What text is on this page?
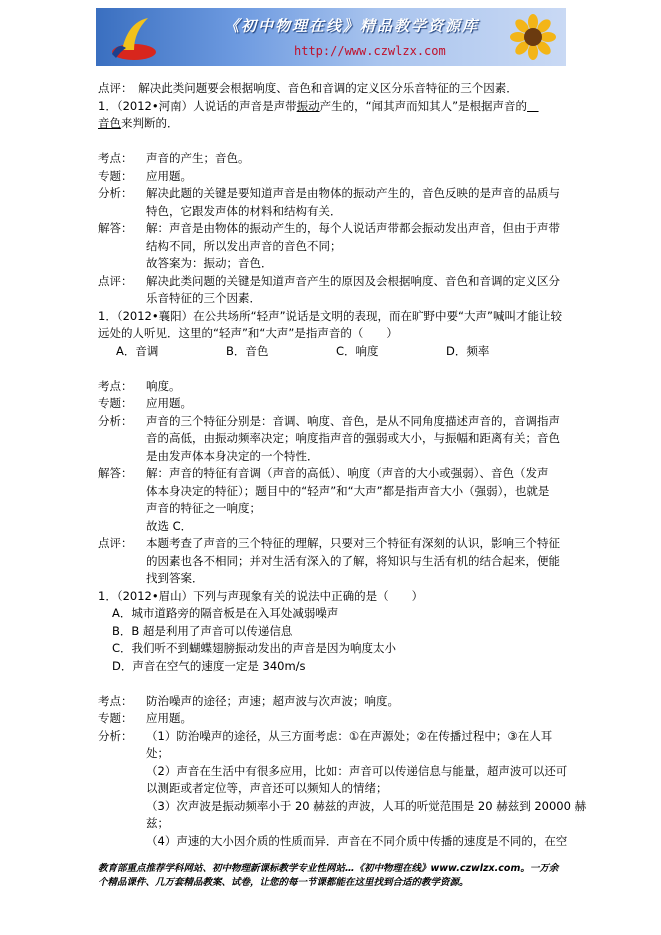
《初中物理在线》精品教学资源库
http://www.czwlzx.com
点评：　解决此类问题要会根据响度、音色和音调的定义区分乐音特征的三个因素．
1．（2012•河南）人说话的声音是声带振动产生的，“闻其声而知其人”是根据声音的　
音色来判断的．
考点：	声音的产生；音色。
专题：	应用题。
分析：	解决此题的关键是要知道声音是由物体的振动产生的，音色反映的是声音的品质与
特色，它跟发声体的材料和结构有关．
解答：	解：声音是由物体的振动产生的，每个人说话声带都会振动发出声音，但由于声带
结构不同，所以发出声音的音色不同；
故答案为：振动；音色．
点评：	解决此类问题的关键是知道声音产生的原因及会根据响度、音色和音调的定义区分
乐音特征的三个因素．
1．（2012•襄阳）在公共场所“轻声”说话是文明的表现，而在旷野中要“大声”喊叫才能让较
远处的人听见．这里的“轻声”和“大声”是指声音的（　　）
A．音调	B．音色	C．响度	D．频率
考点：	响度。
专题：	应用题。
分析：	声音的三个特征分别是：音调、响度、音色，是从不同角度描述声音的，音调指声
音的高低，由振动频率决定；响度指声音的强弱或大小，与振幅和距离有关；音色
是由发声体本身决定的一个特性．
解答：	解：声音的特征有音调（声音的高低）、响度（声音的大小或强弱）、音色（发声
体本身决定的特征）；题目中的“轻声”和“大声”都是指声音大小（强弱），也就是
声音的特征之一响度；
故选 C．
点评：	本题考查了声音的三个特征的理解，只要对三个特征有深刻的认识，影响三个特征
的因素也各不相同；并对生活有深入的了解，将知识与生活有机的结合起来，便能
找到答案．
1．（2012•眉山）下列与声现象有关的说法中正确的是（　　）
A．城市道路旁的隔音板是在入耳处减弱噪声
B．B 超是利用了声音可以传递信息
C．我们听不到蝴蝶翅膀振动发出的声音是因为响度太小
D．声音在空气的速度一定是 340m/s
考点：	防治噪声的途径；声速；超声波与次声波；响度。
专题：	应用题。
分析：	（1）防治噪声的途径，从三方面考虑：①在声源处；②在传播过程中；③在人耳
处；
（2）声音在生活中有很多应用，比如：声音可以传递信息与能量，超声波可以还可
以测距或者定位等，声音还可以频知人的情绪；
（3）次声波是振动频率小于 20 赫兹的声波，人耳的听觉范围是 20 赫兹到 20000 赫
兹；
（4）声速的大小因介质的性质而异．声音在不同介质中传播的速度是不同的，在空
教育部重点推荐学科网站、初中物理新课标教学专业性网站…《初中物理在线》www.czwlzx.com。一万余
个精品课件、几万套精品教案、试卷，让您的每一节课都能在这里找到合适的教学资源。
